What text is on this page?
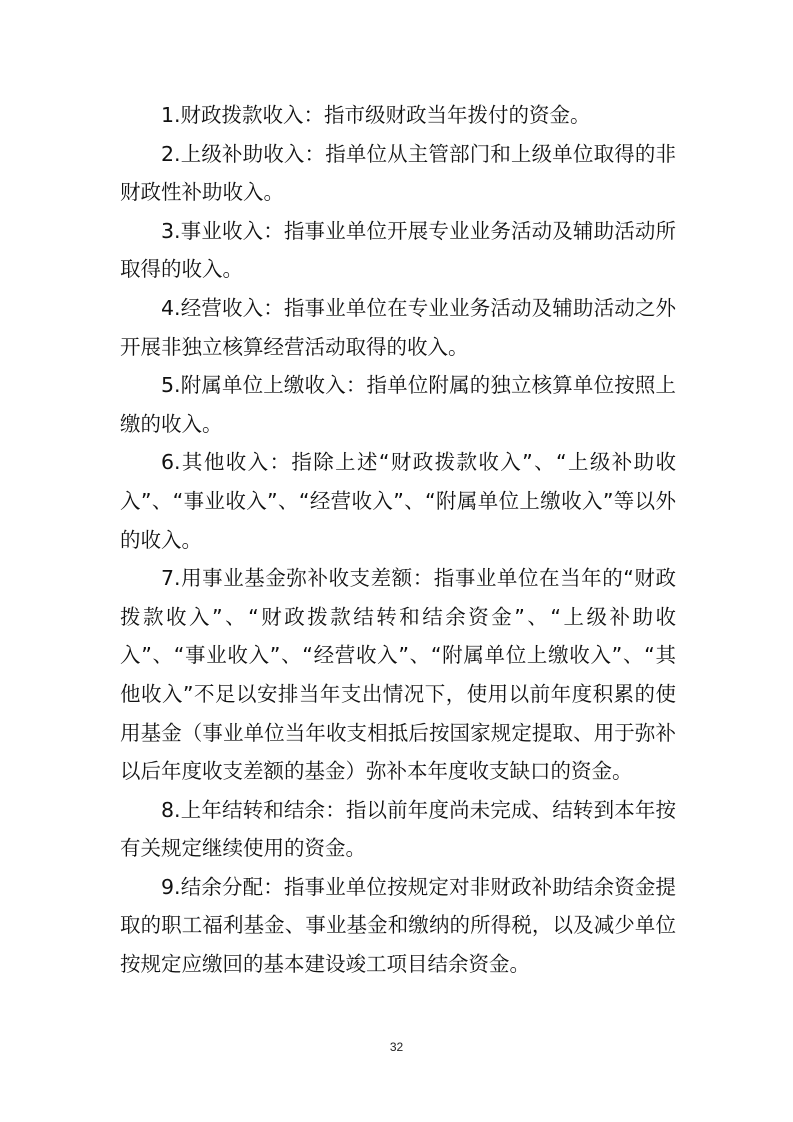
1.财政拨款收入：指市级财政当年拨付的资金。

2.上级补助收入：指单位从主管部门和上级单位取得的非财政性补助收入。

3.事业收入：指事业单位开展专业业务活动及辅助活动所取得的收入。

4.经营收入：指事业单位在专业业务活动及辅助活动之外开展非独立核算经营活动取得的收入。

5.附属单位上缴收入：指单位附属的独立核算单位按照上缴的收入。

6.其他收入：指除上述“财政拨款收入”、“上级补助收入”、“事业收入”、“经营收入”、“附属单位上缴收入”等以外的收入。

7.用事业基金弥补收支差额：指事业单位在当年的“财政拨款收入”、“财政拨款结转和结余资金”、“上级补助收入”、“事业收入”、“经营收入”、“附属单位上缴收入”、“其他收入”不足以安排当年支出情况下，使用以前年度积累的使用基金（事业单位当年收支相抵后按国家规定提取、用于弥补以后年度收支差额的基金）弥补本年度收支缺口的资金。

8.上年结转和结余：指以前年度尚未完成、结转到本年按有关规定继续使用的资金。

9.结余分配：指事业单位按规定对非财政补助结余资金提取的职工福利基金、事业基金和缴纳的所得税，以及减少单位按规定应缴回的基本建设竣工项目结余资金。

32
